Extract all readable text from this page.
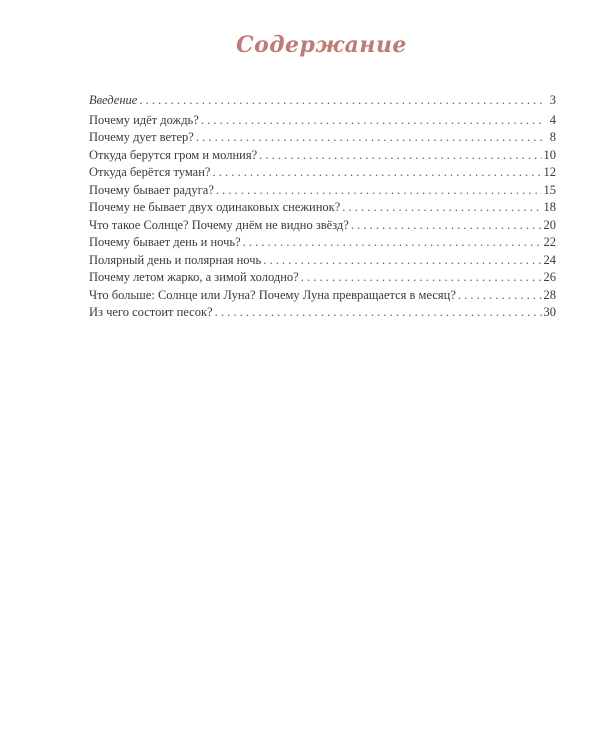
Содержание
Введение . . .	3
Почему идёт дождь? . . .	4
Почему дует ветер? . . .	8
Откуда берутся гром и молния? . . .	10
Откуда берётся туман? . . .	12
Почему бывает радуга? . . .	15
Почему не бывает двух одинаковых снежинок? . . .	18
Что такое Солнце? Почему днём не видно звёзд? . . .	20
Почему бывает день и ночь? . . .	22
Полярный день и полярная ночь . . .	24
Почему летом жарко, а зимой холодно? . . .	26
Что больше: Солнце или Луна? Почему Луна превращается в месяц? . . .	28
Из чего состоит песок? . . .	30
